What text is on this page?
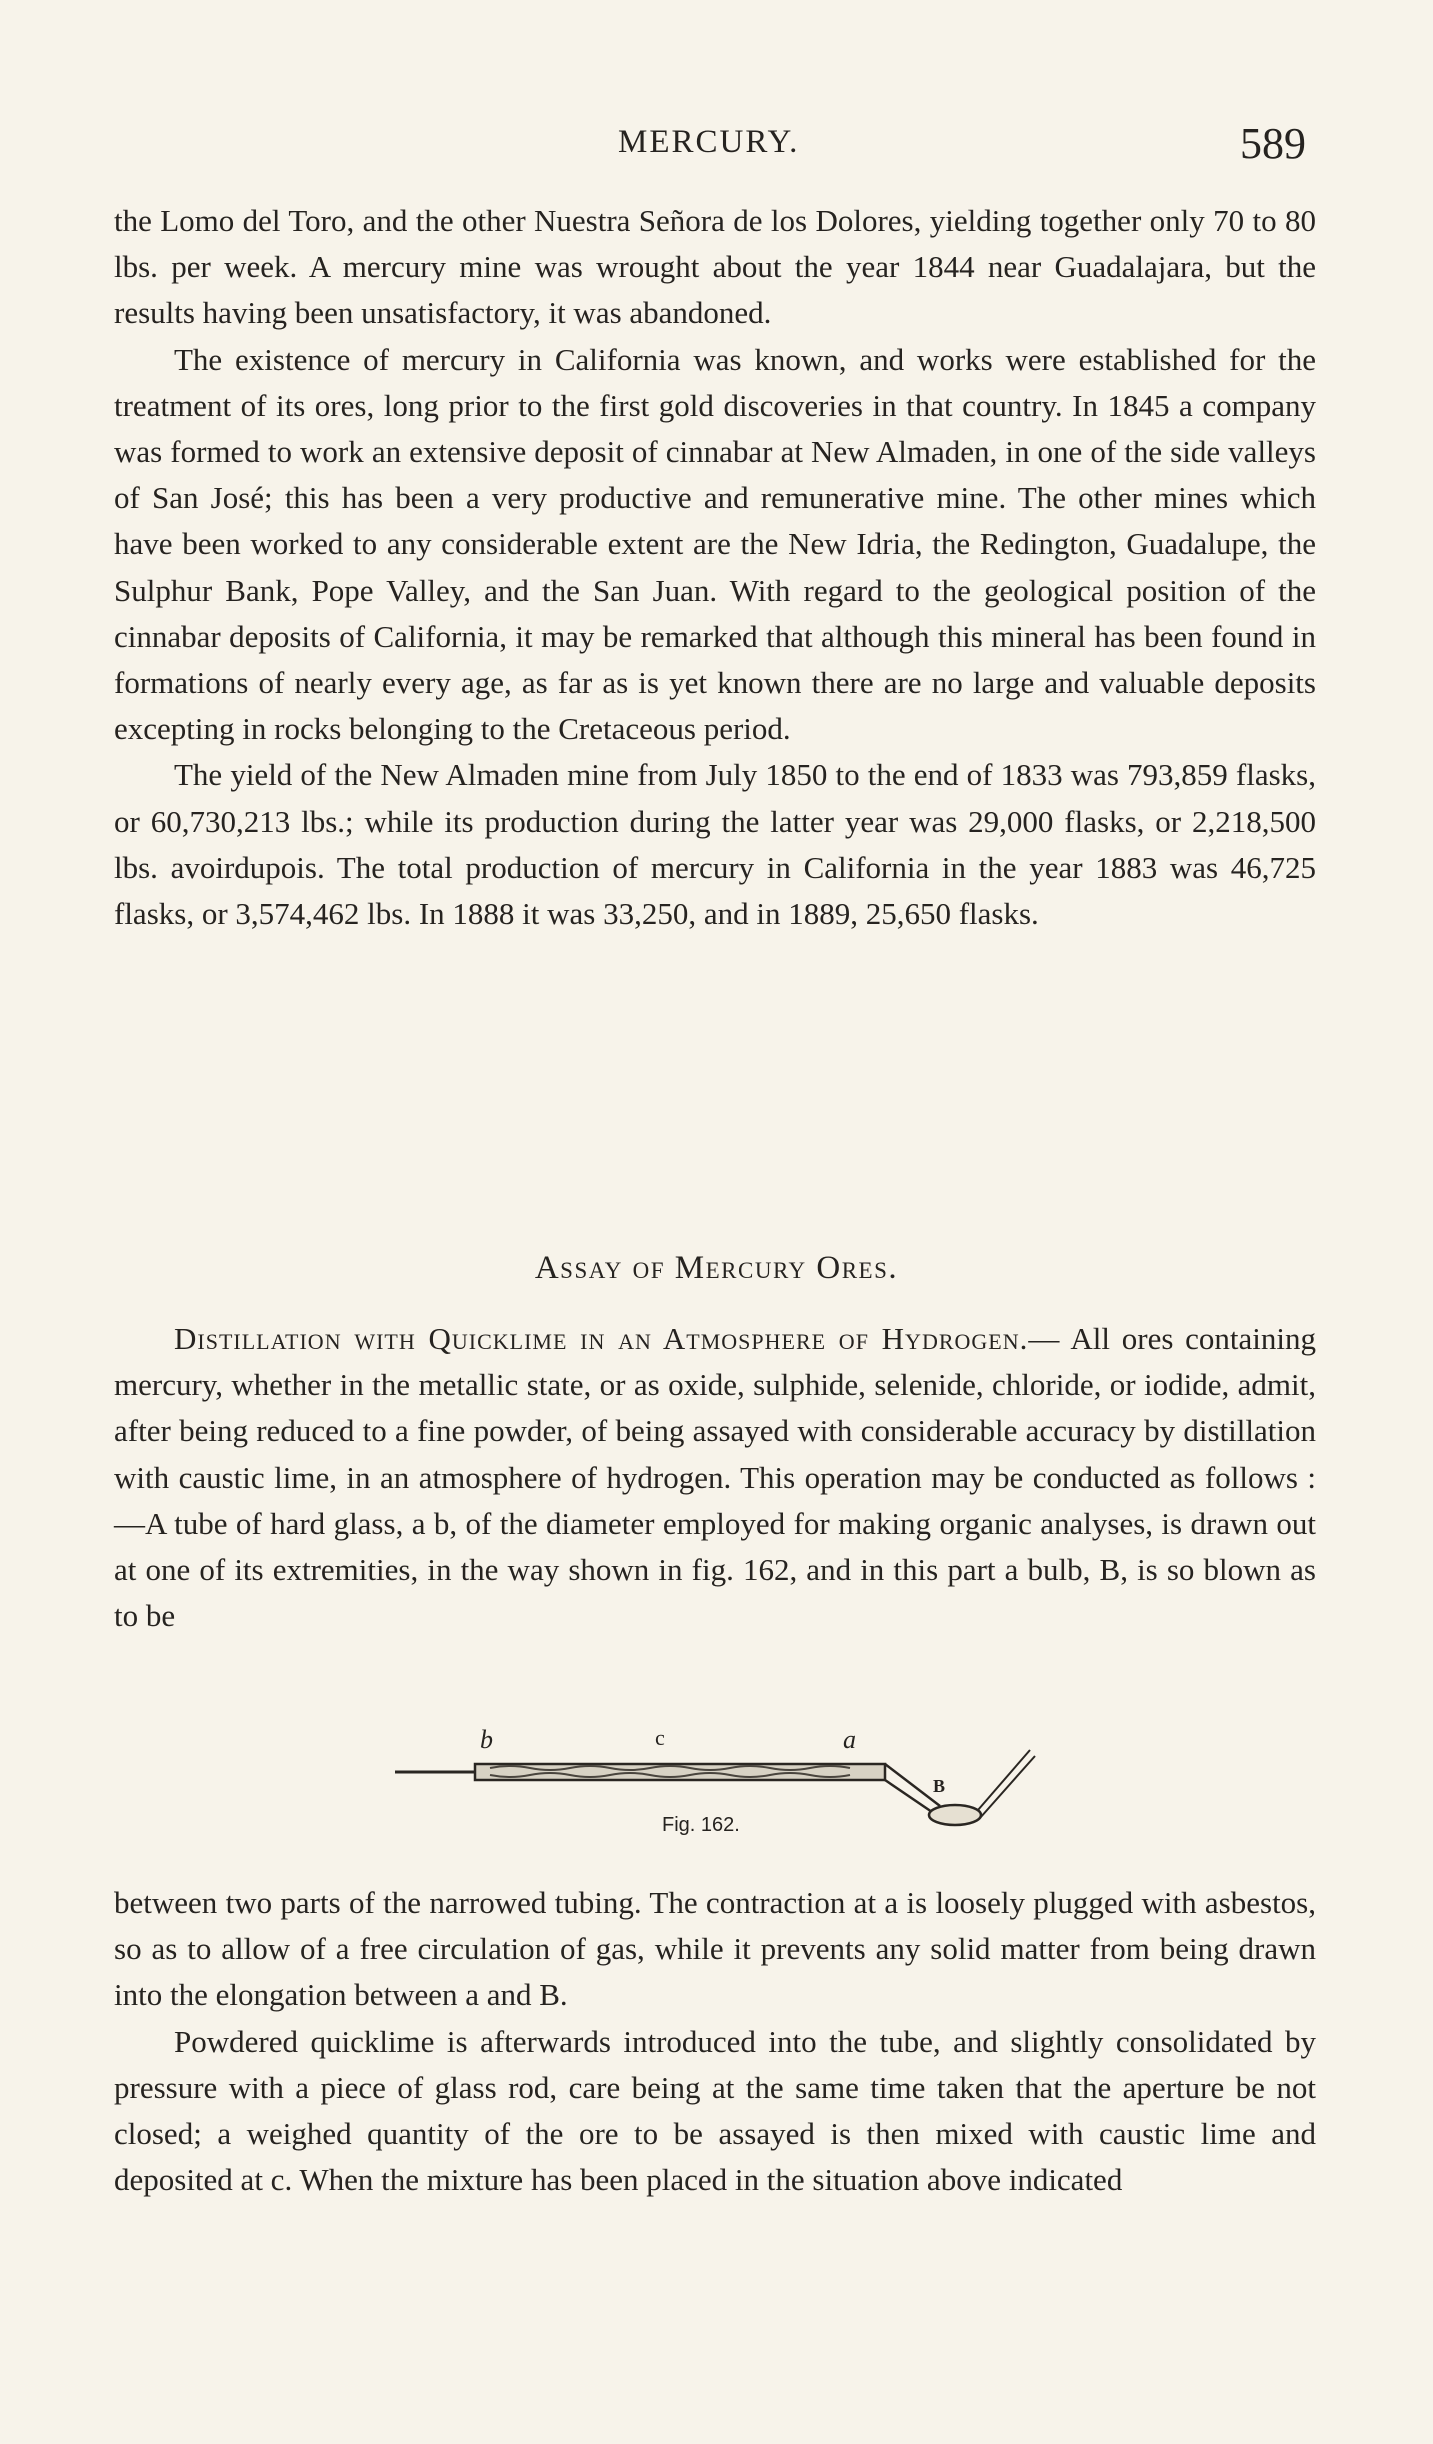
MERCURY.	589

the Lomo del Toro, and the other Nuestra Señora de los Dolores, yielding together only 70 to 80 lbs. per week. A mercury mine was wrought about the year 1844 near Guadalajara, but the results having been unsatisfactory, it was abandoned.

The existence of mercury in California was known, and works were established for the treatment of its ores, long prior to the first gold discoveries in that country. In 1845 a company was formed to work an extensive deposit of cinnabar at New Almaden, in one of the side valleys of San José; this has been a very productive and remunerative mine. The other mines which have been worked to any considerable extent are the New Idria, the Redington, Guadalupe, the Sulphur Bank, Pope Valley, and the San Juan. With regard to the geological position of the cinnabar deposits of California, it may be remarked that although this mineral has been found in formations of nearly every age, as far as is yet known there are no large and valuable deposits excepting in rocks belonging to the Cretaceous period.

The yield of the New Almaden mine from July 1850 to the end of 1833 was 793,859 flasks, or 60,730,213 lbs.; while its production during the latter year was 29,000 flasks, or 2,218,500 lbs. avoirdupois. The total production of mercury in California in the year 1883 was 46,725 flasks, or 3,574,462 lbs. In 1888 it was 33,250, and in 1889, 25,650 flasks.

Assay of Mercury Ores.

Distillation with Quicklime in an Atmosphere of Hydrogen.— All ores containing mercury, whether in the metallic state, or as oxide, sulphide, selenide, chloride, or iodide, admit, after being reduced to a fine powder, of being assayed with considerable accuracy by distillation with caustic lime, in an atmosphere of hydrogen. This operation may be conducted as follows :—A tube of hard glass, a b, of the diameter employed for making organic analyses, is drawn out at one of its extremities, in the way shown in fig. 162, and in this part a bulb, B, is so blown as to be

b	c	a
B
Fig. 162.

between two parts of the narrowed tubing. The contraction at a is loosely plugged with asbestos, so as to allow of a free circulation of gas, while it prevents any solid matter from being drawn into the elongation between a and B.

Powdered quicklime is afterwards introduced into the tube, and slightly consolidated by pressure with a piece of glass rod, care being at the same time taken that the aperture be not closed; a weighed quantity of the ore to be assayed is then mixed with caustic lime and deposited at c. When the mixture has been placed in the situation above indicated
